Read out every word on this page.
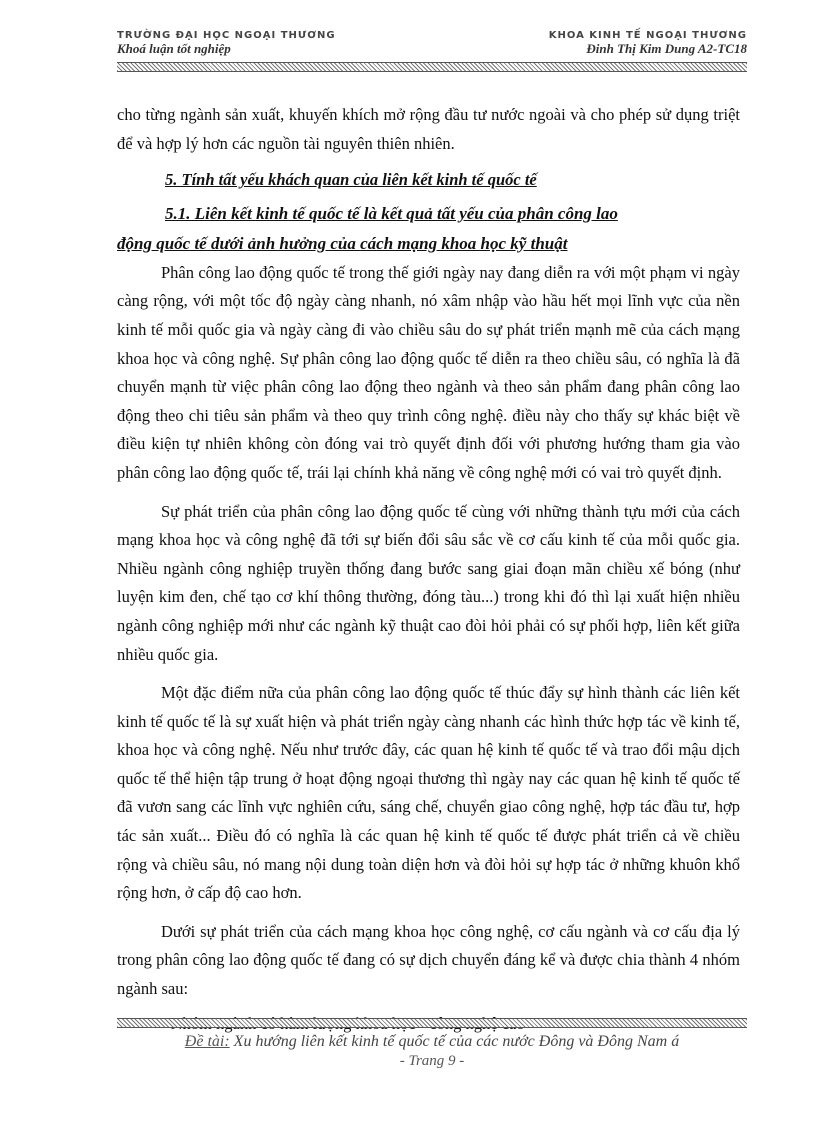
TRƯỜNG ĐẠI HỌC NGOẠI THƯƠNG
Khoá luận tốt nghiệp
KHOA KINH TẾ NGOẠI THƯƠNG
Đinh Thị Kim Dung A2-TC18

cho từng ngành sản xuất, khuyến khích mở rộng đầu tư nước ngoài và cho phép sử dụng triệt để và hợp lý hơn các nguồn tài nguyên thiên nhiên.

5. Tính tất yếu khách quan của liên kết kinh tế quốc tế

5.1. Liên kết kinh tế quốc tế là kết quả tất yếu của phân công lao
động quốc tế dưới ảnh hưởng của cách mạng khoa học kỹ thuật

Phân công lao động quốc tế trong thế giới ngày nay đang diễn ra với một phạm vi ngày càng rộng, với một tốc độ ngày càng nhanh, nó xâm nhập vào hầu hết mọi lĩnh vực của nền kinh tế mỗi quốc gia và ngày càng đi vào chiều sâu do sự phát triển mạnh mẽ của cách mạng khoa học và công nghệ. Sự phân công lao động quốc tế diễn ra theo chiều sâu, có nghĩa là đã chuyển mạnh từ việc phân công lao động theo ngành và theo sản phẩm đang phân công lao động theo chi tiêu sản phẩm và theo quy trình công nghệ. điều này cho thấy sự khác biệt về điều kiện tự nhiên không còn đóng vai trò quyết định đối với phương hướng tham gia vào phân công lao động quốc tế, trái lại chính khả năng về công nghệ mới có vai trò quyết định.

Sự phát triển của phân công lao động quốc tế cùng với những thành tựu mới của cách mạng khoa học và công nghệ đã tới sự biến đổi sâu sắc về cơ cấu kinh tế của mỗi quốc gia. Nhiều ngành công nghiệp truyền thống đang bước sang giai đoạn mãn chiều xế bóng (như luyện kim đen, chế tạo cơ khí thông thường, đóng tàu...) trong khi đó thì lại xuất hiện nhiều ngành công nghiệp mới như các ngành kỹ thuật cao đòi hỏi phải có sự phối hợp, liên kết giữa nhiều quốc gia.

Một đặc điểm nữa của phân công lao động quốc tế thúc đẩy sự hình thành các liên kết kinh tế quốc tế là sự xuất hiện và phát triển ngày càng nhanh các hình thức hợp tác về kinh tế, khoa học và công nghệ. Nếu như trước đây, các quan hệ kinh tế quốc tế và trao đổi mậu dịch quốc tế thể hiện tập trung ở hoạt động ngoại thương thì ngày nay các quan hệ kinh tế quốc tế đã vươn sang các lĩnh vực nghiên cứu, sáng chế, chuyển giao công nghệ, hợp tác đầu tư, hợp tác sản xuất... Điều đó có nghĩa là các quan hệ kinh tế quốc tế được phát triển cả về chiều rộng và chiều sâu, nó mang nội dung toàn diện hơn và đòi hỏi sự hợp tác ở những khuôn khổ rộng hơn, ở cấp độ cao hơn.

Dưới sự phát triển của cách mạng khoa học công nghệ, cơ cấu ngành và cơ cấu địa lý trong phân công lao động quốc tế đang có sự dịch chuyển đáng kể và được chia thành 4 nhóm ngành sau:

Đề tài: Xu hướng liên kết kinh tế quốc tế của các nước Đông và Đông Nam á
- Trang 9 -
